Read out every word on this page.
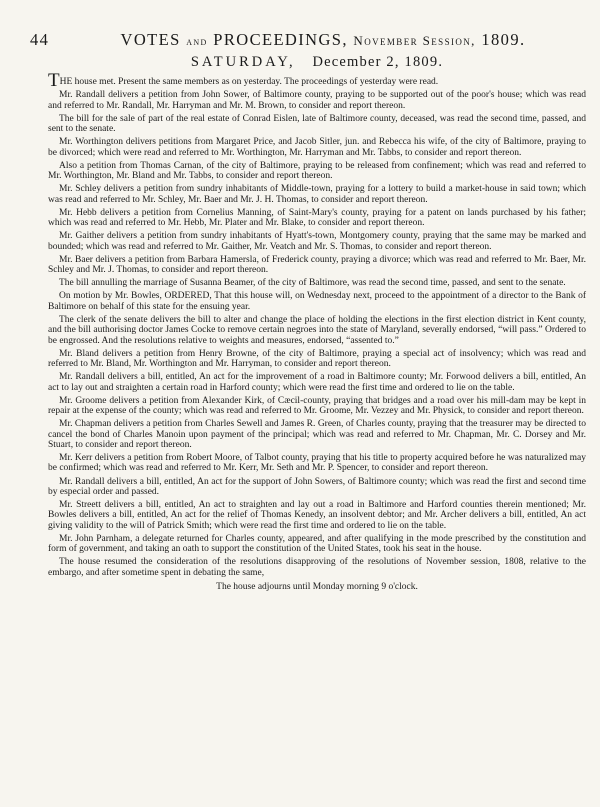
44	VOTES and PROCEEDINGS, November Session, 1809.
SATURDAY, December 2, 1809.

THE house met. Present the same members as on yesterday. The proceedings of yesterday were read.

Mr. Randall delivers a petition from John Sower, of Baltimore county, praying to be supported out of the poor's house; which was read and referred to Mr. Randall, Mr. Harryman and Mr. M. Brown, to consider and report thereon.

The bill for the sale of part of the real estate of Conrad Eislen, late of Baltimore county, deceased, was read the second time, passed, and sent to the senate.

Mr. Worthington delivers petitions from Margaret Price, and Jacob Sitler, jun. and Rebecca his wife, of the city of Baltimore, praying to be divorced; which were read and referred to Mr. Worthington, Mr. Harryman and Mr. Tabbs, to consider and report thereon.

Also a petition from Thomas Carnan, of the city of Baltimore, praying to be released from confinement; which was read and referred to Mr. Worthington, Mr. Bland and Mr. Tabbs, to consider and report thereon.

Mr. Schley delivers a petition from sundry inhabitants of Middle-town, praying for a lottery to build a market-house in said town; which was read and referred to Mr. Schley, Mr. Baer and Mr. J. H. Thomas, to consider and report thereon.

Mr. Hebb delivers a petition from Cornelius Manning, of Saint-Mary's county, praying for a patent on lands purchased by his father; which was read and referred to Mr. Hebb, Mr. Plater and Mr. Blake, to consider and report thereon.

Mr. Gaither delivers a petition from sundry inhabitants of Hyatt's-town, Montgomery county, praying that the same may be marked and bounded; which was read and referred to Mr. Gaither, Mr. Veatch and Mr. S. Thomas, to consider and report thereon.

Mr. Baer delivers a petition from Barbara Hamersla, of Frederick county, praying a divorce; which was read and referred to Mr. Baer, Mr. Schley and Mr. J. Thomas, to consider and report thereon.

The bill annulling the marriage of Susanna Beamer, of the city of Baltimore, was read the second time, passed, and sent to the senate.

On motion by Mr. Bowles, ORDERED, That this house will, on Wednesday next, proceed to the appointment of a director to the Bank of Baltimore on behalf of this state for the ensuing year.

The clerk of the senate delivers the bill to alter and change the place of holding the elections in the first election district in Kent county, and the bill authorising doctor James Cocke to remove certain negroes into the state of Maryland, severally endorsed, “will pass.” Ordered to be engrossed. And the resolutions relative to weights and measures, endorsed, “assented to.”

Mr. Bland delivers a petition from Henry Browne, of the city of Baltimore, praying a special act of insolvency; which was read and referred to Mr. Bland, Mr. Worthington and Mr. Harryman, to consider and report thereon.

Mr. Randall delivers a bill, entitled, An act for the improvement of a road in Baltimore county; Mr. Forwood delivers a bill, entitled, An act to lay out and straighten a certain road in Harford county; which were read the first time and ordered to lie on the table.

Mr. Groome delivers a petition from Alexander Kirk, of Cæcil-county, praying that bridges and a road over his mill-dam may be kept in repair at the expense of the county; which was read and referred to Mr. Groome, Mr. Vezzey and Mr. Physick, to consider and report thereon.

Mr. Chapman delivers a petition from Charles Sewell and James R. Green, of Charles county, praying that the treasurer may be directed to cancel the bond of Charles Manoin upon payment of the principal; which was read and referred to Mr. Chapman, Mr. C. Dorsey and Mr. Stuart, to consider and report thereon.

Mr. Kerr delivers a petition from Robert Moore, of Talbot county, praying that his title to property acquired before he was naturalized may be confirmed; which was read and referred to Mr. Kerr, Mr. Seth and Mr. P. Spencer, to consider and report thereon.

Mr. Randall delivers a bill, entitled, An act for the support of John Sowers, of Baltimore county; which was read the first and second time by especial order and passed.

Mr. Streett delivers a bill, entitled, An act to straighten and lay out a road in Baltimore and Harford counties therein mentioned; Mr. Bowles delivers a bill, entitled, An act for the relief of Thomas Kenedy, an insolvent debtor; and Mr. Archer delivers a bill, entitled, An act giving validity to the will of Patrick Smith; which were read the first time and ordered to lie on the table.

Mr. John Parnham, a delegate returned for Charles county, appeared, and after qualifying in the mode prescribed by the constitution and form of government, and taking an oath to support the constitution of the United States, took his seat in the house.

The house resumed the consideration of the resolutions disapproving of the resolutions of November session, 1808, relative to the embargo, and after sometime spent in debating the same,

The house adjourns until Monday morning 9 o'clock.
